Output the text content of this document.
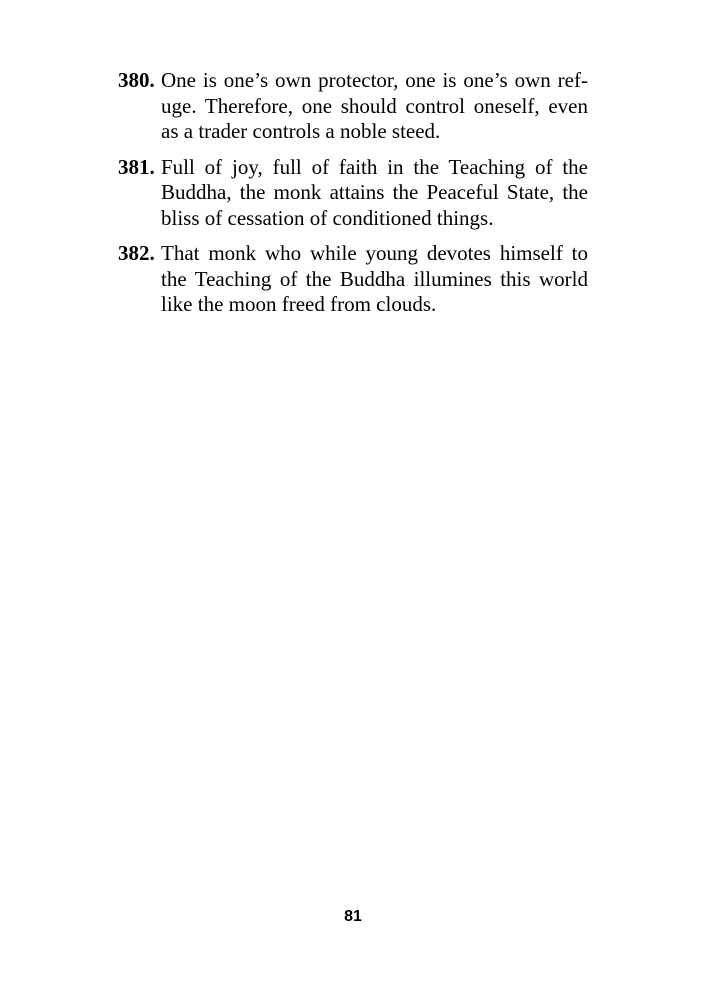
380. One is one’s own protector, one is one’s own ref-
uge. Therefore, one should control oneself, even
as a trader controls a noble steed.
381. Full of joy, full of faith in the Teaching of the
Buddha, the monk attains the Peaceful State, the
bliss of cessation of conditioned things.
382. That monk who while young devotes himself to
the Teaching of the Buddha illumines this world
like the moon freed from clouds.
81
